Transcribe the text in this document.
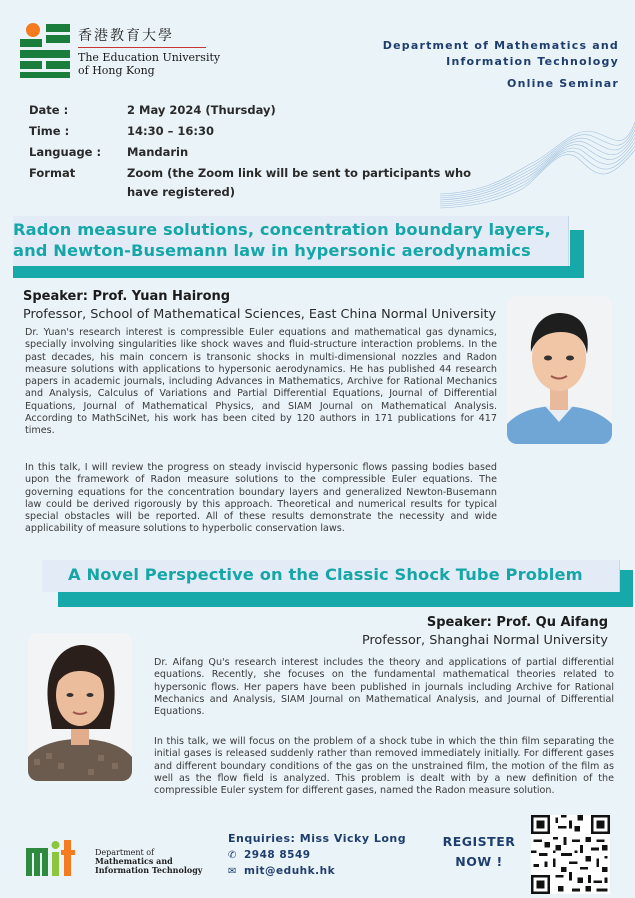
香港教育大學
The Education University
of Hong Kong
Department of Mathematics and
Information Technology
Online Seminar
Date :	2 May 2024 (Thursday)
Time :	14:30 – 16:30
Language :	Mandarin
Format	Zoom (the Zoom link will be sent to participants who have registered)
Radon measure solutions, concentration boundary layers,
and Newton-Busemann law in hypersonic aerodynamics
Speaker: Prof. Yuan Hairong
Professor, School of Mathematical Sciences, East China Normal University

Dr. Yuan's research interest is compressible Euler equations and mathematical gas dynamics, specially involving singularities like shock waves and fluid-structure interaction problems. In the past decades, his main concern is transonic shocks in multi-dimensional nozzles and Radon measure solutions with applications to hypersonic aerodynamics. He has published 44 research papers in academic journals, including Advances in Mathematics, Archive for Rational Mechanics and Analysis, Calculus of Variations and Partial Differential Equations, Journal of Differential Equations, Journal of Mathematical Physics, and SIAM Journal on Mathematical Analysis. According to MathSciNet, his work has been cited by 120 authors in 171 publications for 417 times.

In this talk, I will review the progress on steady inviscid hypersonic flows passing bodies based upon the framework of Radon measure solutions to the compressible Euler equations. The governing equations for the concentration boundary layers and generalized Newton-Busemann law could be derived rigorously by this approach. Theoretical and numerical results for typical special obstacles will be reported. All of these results demonstrate the necessity and wide applicability of measure solutions to hyperbolic conservation laws.

A Novel Perspective on the Classic Shock Tube Problem
Speaker: Prof. Qu Aifang
Professor, Shanghai Normal University

Dr. Aifang Qu's research interest includes the theory and applications of partial differential equations. Recently, she focuses on the fundamental mathematical theories related to hypersonic flows. Her papers have been published in journals including Archive for Rational Mechanics and Analysis, SIAM Journal on Mathematical Analysis, and Journal of Differential Equations.

In this talk, we will focus on the problem of a shock tube in which the thin film separating the initial gases is released suddenly rather than removed immediately initially. For different gases and different boundary conditions of the gas on the unstrained film, the motion of the film as well as the flow field is analyzed. This problem is dealt with by a new definition of the compressible Euler system for different gases, named the Radon measure solution.

Department of
Mathematics and
Information Technology
Enquiries: Miss Vicky Long
✆ 2948 8549
✉ mit@eduhk.hk
REGISTER
NOW !
